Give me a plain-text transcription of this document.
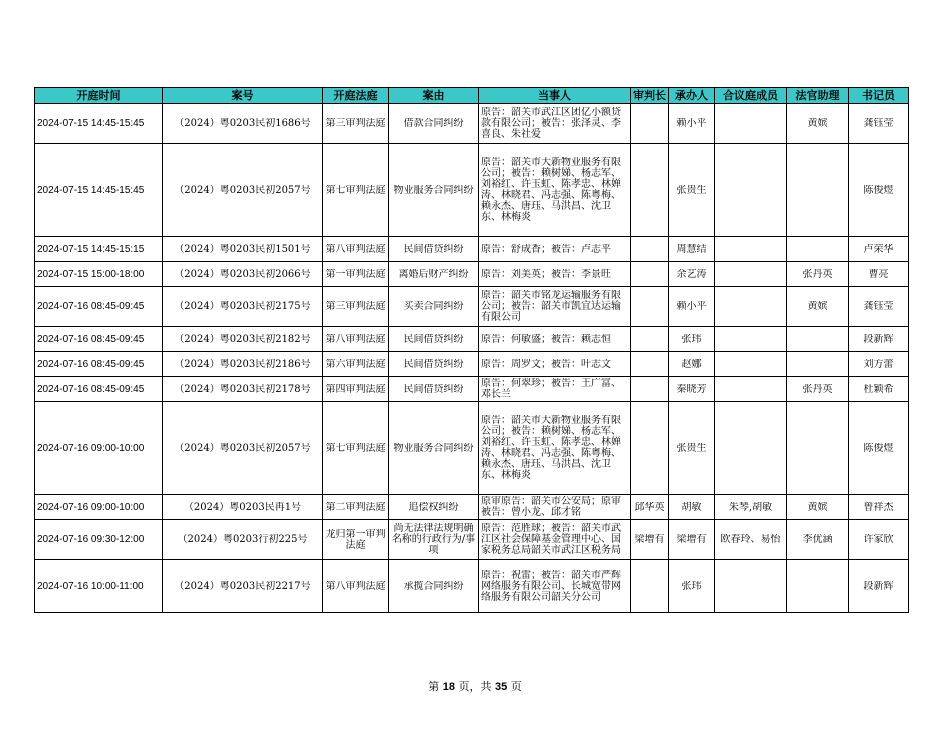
开庭时间	案号	开庭法庭	案由	当事人	审判长	承办人	合议庭成员	法官助理	书记员

2024-07-15 14:45-15:45	（2024）粤0203民初1686号	第三审判法庭	借款合同纠纷	原告：韶关市武江区团亿小额贷款有限公司；被告：张泽灵、李喜良、朱社爱		赖小平		黄嫔	龚钰莹

2024-07-15 14:45-15:45	（2024）粤0203民初2057号	第七审判法庭	物业服务合同纠纷	原告：韶关市大新物业服务有限公司；被告：赖树娣、杨志军、刘裕红、许玉虹、陈孝忠、林婵涛、林晓君、冯志强、陈粤梅、赖永杰、唐珏、马洪昌、沈卫东、林梅炎		张贵生			陈俊煜

2024-07-15 14:45-15:15	（2024）粤0203民初1501号	第八审判法庭	民间借贷纠纷	原告：舒成香；被告：卢志平		周慧结			卢荣华

2024-07-15 15:00-18:00	（2024）粤0203民初2066号	第一审判法庭	离婚后财产纠纷	原告：刘美英；被告：李景旺		余艺涛		张丹英	曹亮

2024-07-16 08:45-09:45	（2024）粤0203民初2175号	第三审判法庭	买卖合同纠纷	原告：韶关市铭龙运输服务有限公司；被告：韶关市凯宜达运输有限公司		赖小平		黄嫔	龚钰莹

2024-07-16 08:45-09:45	（2024）粤0203民初2182号	第八审判法庭	民间借贷纠纷	原告：何敏盛；被告：赖志恒		张玮			段新辉

2024-07-16 08:45-09:45	（2024）粤0203民初2186号	第六审判法庭	民间借贷纠纷	原告：周罗文；被告：叶志文		赵娜			刘方蕾

2024-07-16 08:45-09:45	（2024）粤0203民初2178号	第四审判法庭	民间借贷纠纷	原告：何翠珍；被告：王广富、邓长兰		秦晓芳		张丹英	杜颖希

2024-07-16 09:00-10:00	（2024）粤0203民初2057号	第七审判法庭	物业服务合同纠纷	原告：韶关市大新物业服务有限公司；被告：赖树娣、杨志军、刘裕红、许玉虹、陈孝忠、林婵涛、林晓君、冯志强、陈粤梅、赖永杰、唐珏、马洪昌、沈卫东、林梅炎		张贵生			陈俊煜

2024-07-16 09:00-10:00	（2024）粤0203民再1号	第二审判法庭	追偿权纠纷	原审原告：韶关市公安局；原审被告：曾小龙、邱才铭	邱华英	胡敏	朱琴,胡敏	黄嫔	曾祥杰

2024-07-16 09:30-12:00	（2024）粤0203行初225号	龙归第一审判法庭	尚无法律法规明确名称的行政行为/事项	原告：范胜球；被告：韶关市武江区社会保障基金管理中心、国家税务总局韶关市武江区税务局	梁增有	梁增有	欧春玲、易怡	李优涵	许家欣

2024-07-16 10:00-11:00	（2024）粤0203民初2217号	第八审判法庭	承揽合同纠纷	原告：祝雷；被告：韶关市严辉网络服务有限公司、长城宽带网络服务有限公司韶关分公司		张玮			段新辉
第 18 页，共 35 页
